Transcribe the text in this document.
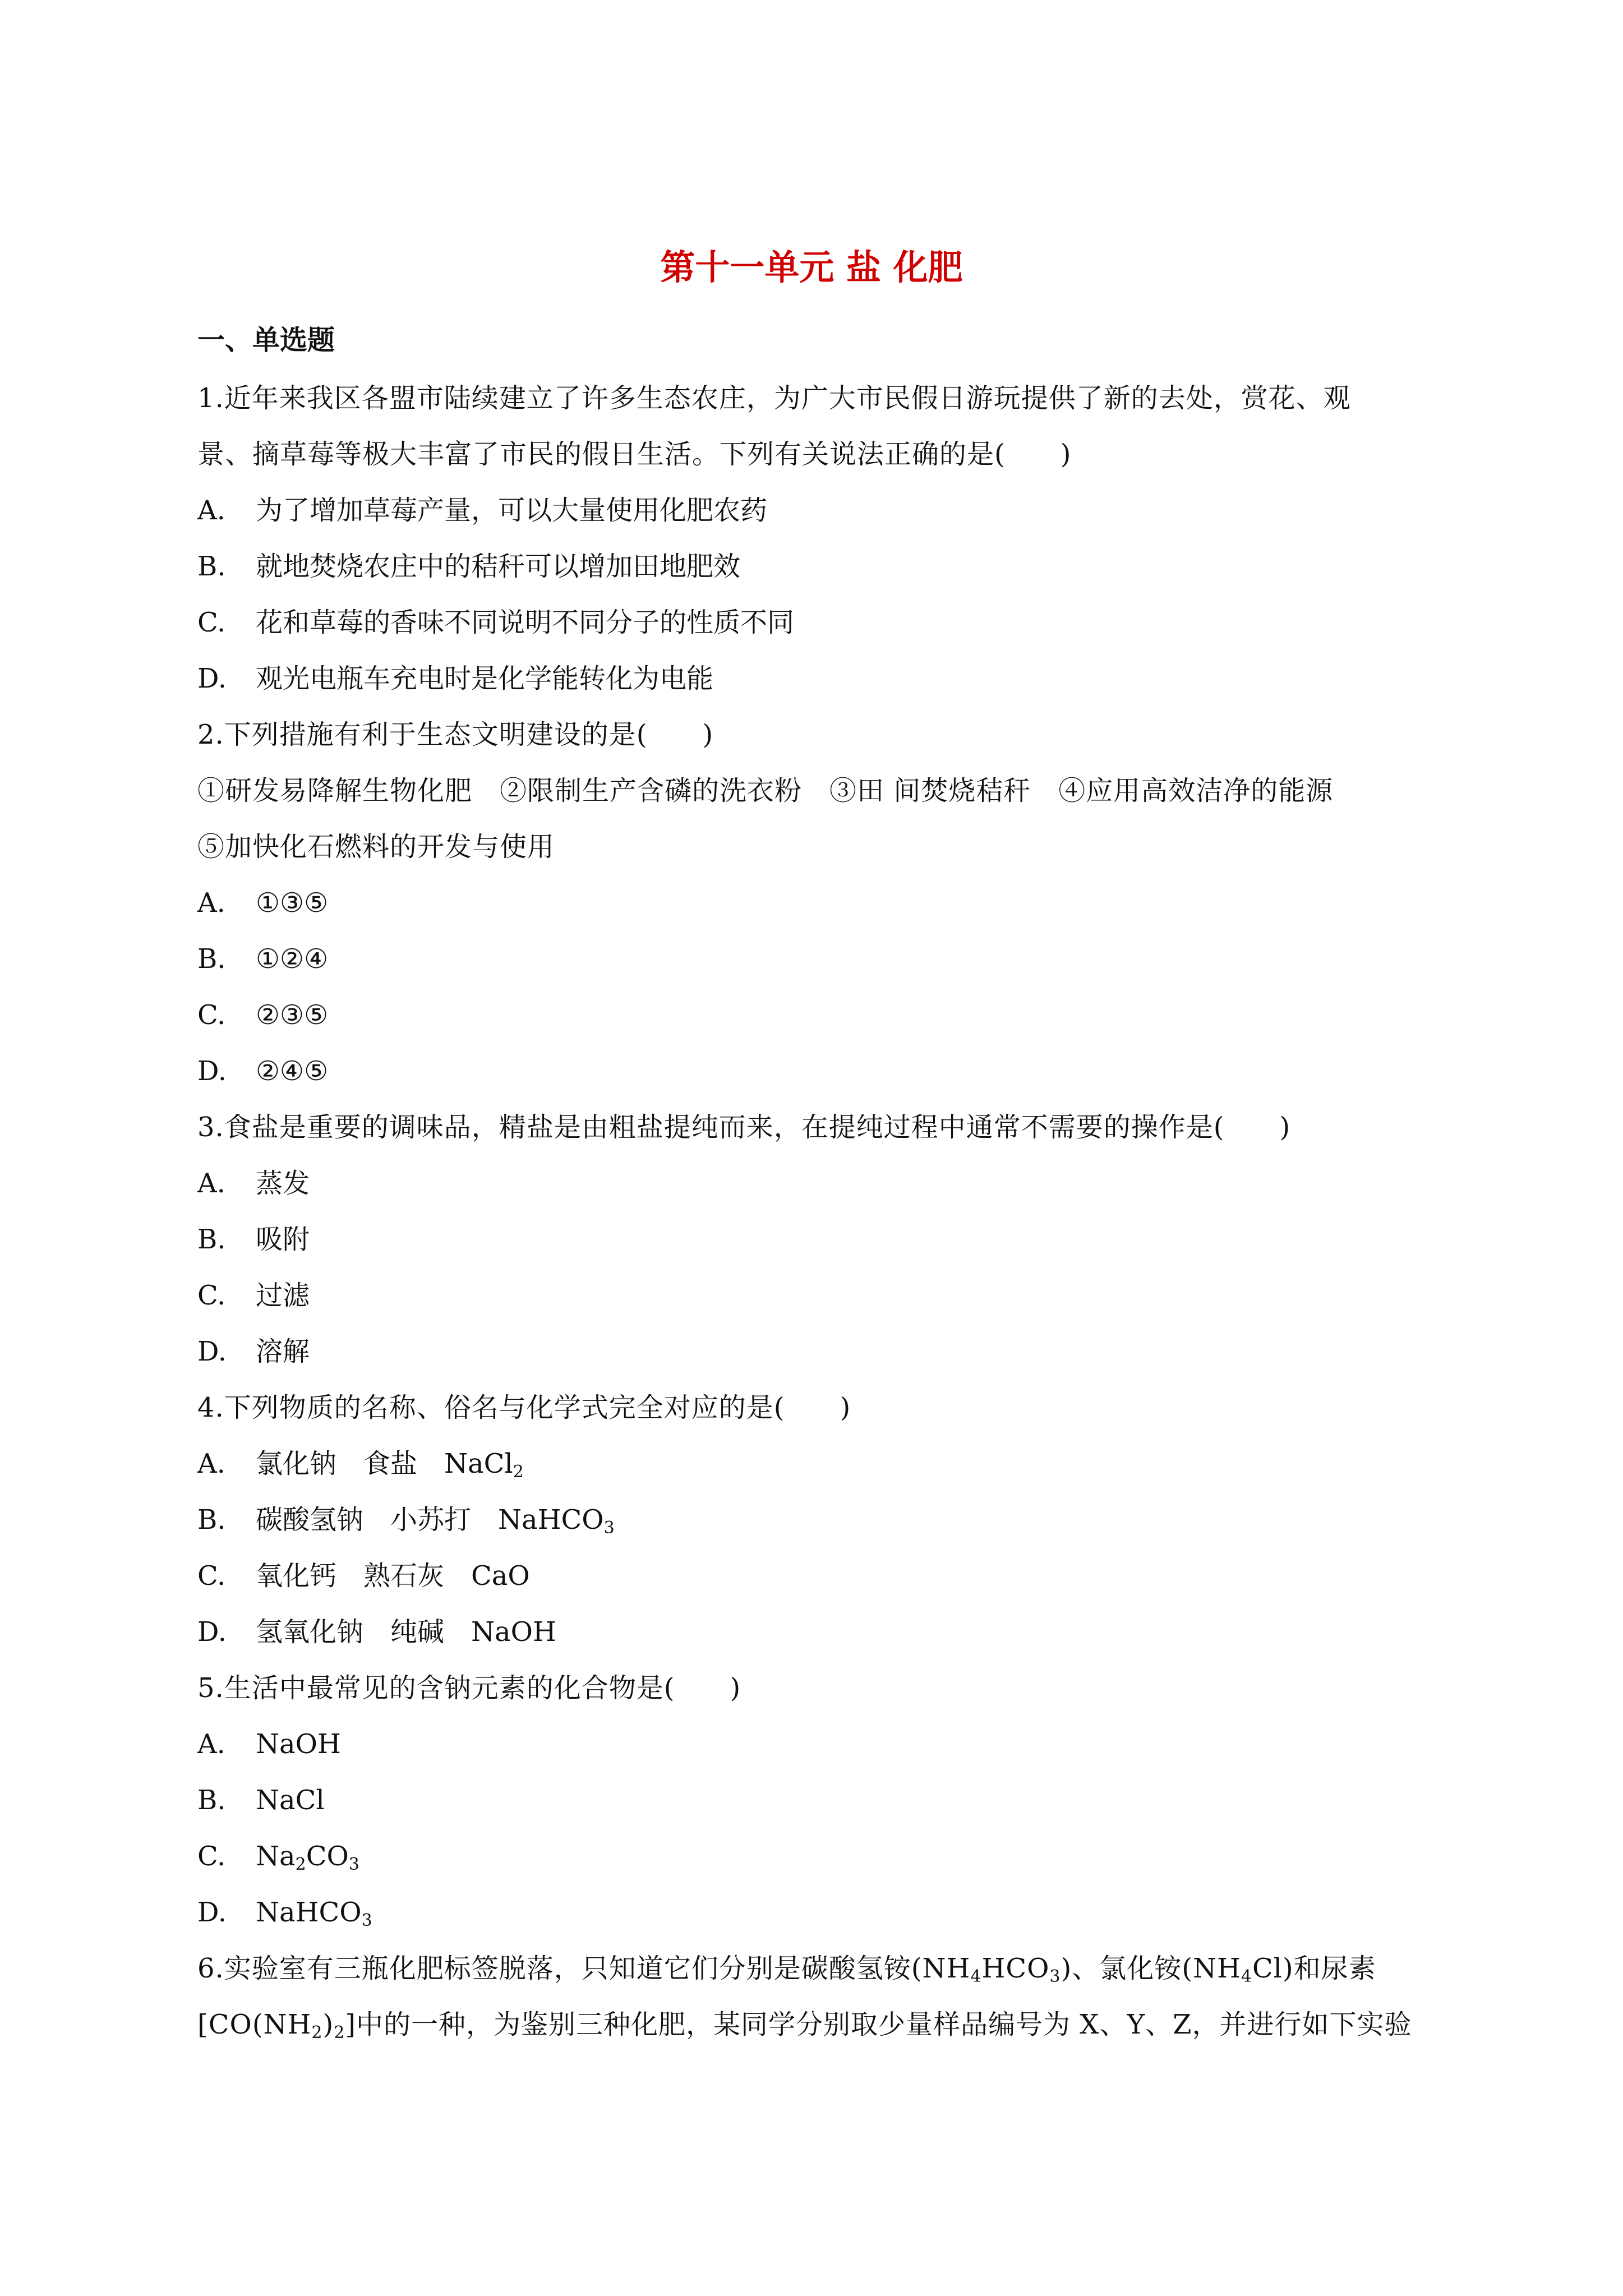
第十一单元 盐 化肥
一、单选题
1.近年来我区各盟市陆续建立了许多生态农庄，为广大市民假日游玩提供了新的去处，赏花、观
景、摘草莓等极大丰富了市民的假日生活。下列有关说法正确的是(　　)
A.	为了增加草莓产量，可以大量使用化肥农药
B.	就地焚烧农庄中的秸秆可以增加田地肥效
C.	花和草莓的香味不同说明不同分子的性质不同
D.	观光电瓶车充电时是化学能转化为电能
2.下列措施有利于生态文明建设的是(　　)
①研发易降解生物化肥　②限制生产含磷的洗衣粉　③田 间焚烧秸秆　④应用高效洁净的能源
⑤加快化石燃料的开发与使用
A.	①③⑤
B.	①②④
C.	②③⑤
D.	②④⑤
3.食盐是重要的调味品，精盐是由粗盐提纯而来，在提纯过程中通常不需要的操作是(　　)
A.	蒸发
B.	吸附
C.	过滤
D.	溶解
4.下列物质的名称、俗名与化学式完全对应的是(　　)
A.	氯化钠 食盐 NaCl$_2$
B.	碳酸氢钠 小苏打 NaHCO$_3$
C.	氧化钙 熟石灰 CaO
D.	氢氧化钠 纯碱 NaOH
5.生活中最常见的含钠元素的化合物是(　　)
A.	NaOH
B.	NaCl
C.	$Na_2CO_3$
D.	NaHCO$_3$
6.实验室有三瓶化肥标签脱落，只知道它们分别是碳酸氢铵$(NH_4HCO_3)$、氯化铵$(NH_4Cl)$和尿素
$[CO(NH_2)_2]$中的一种，为鉴别三种化肥，某同学分别取少量样品编号为 X、Y、Z，并进行如下实验
